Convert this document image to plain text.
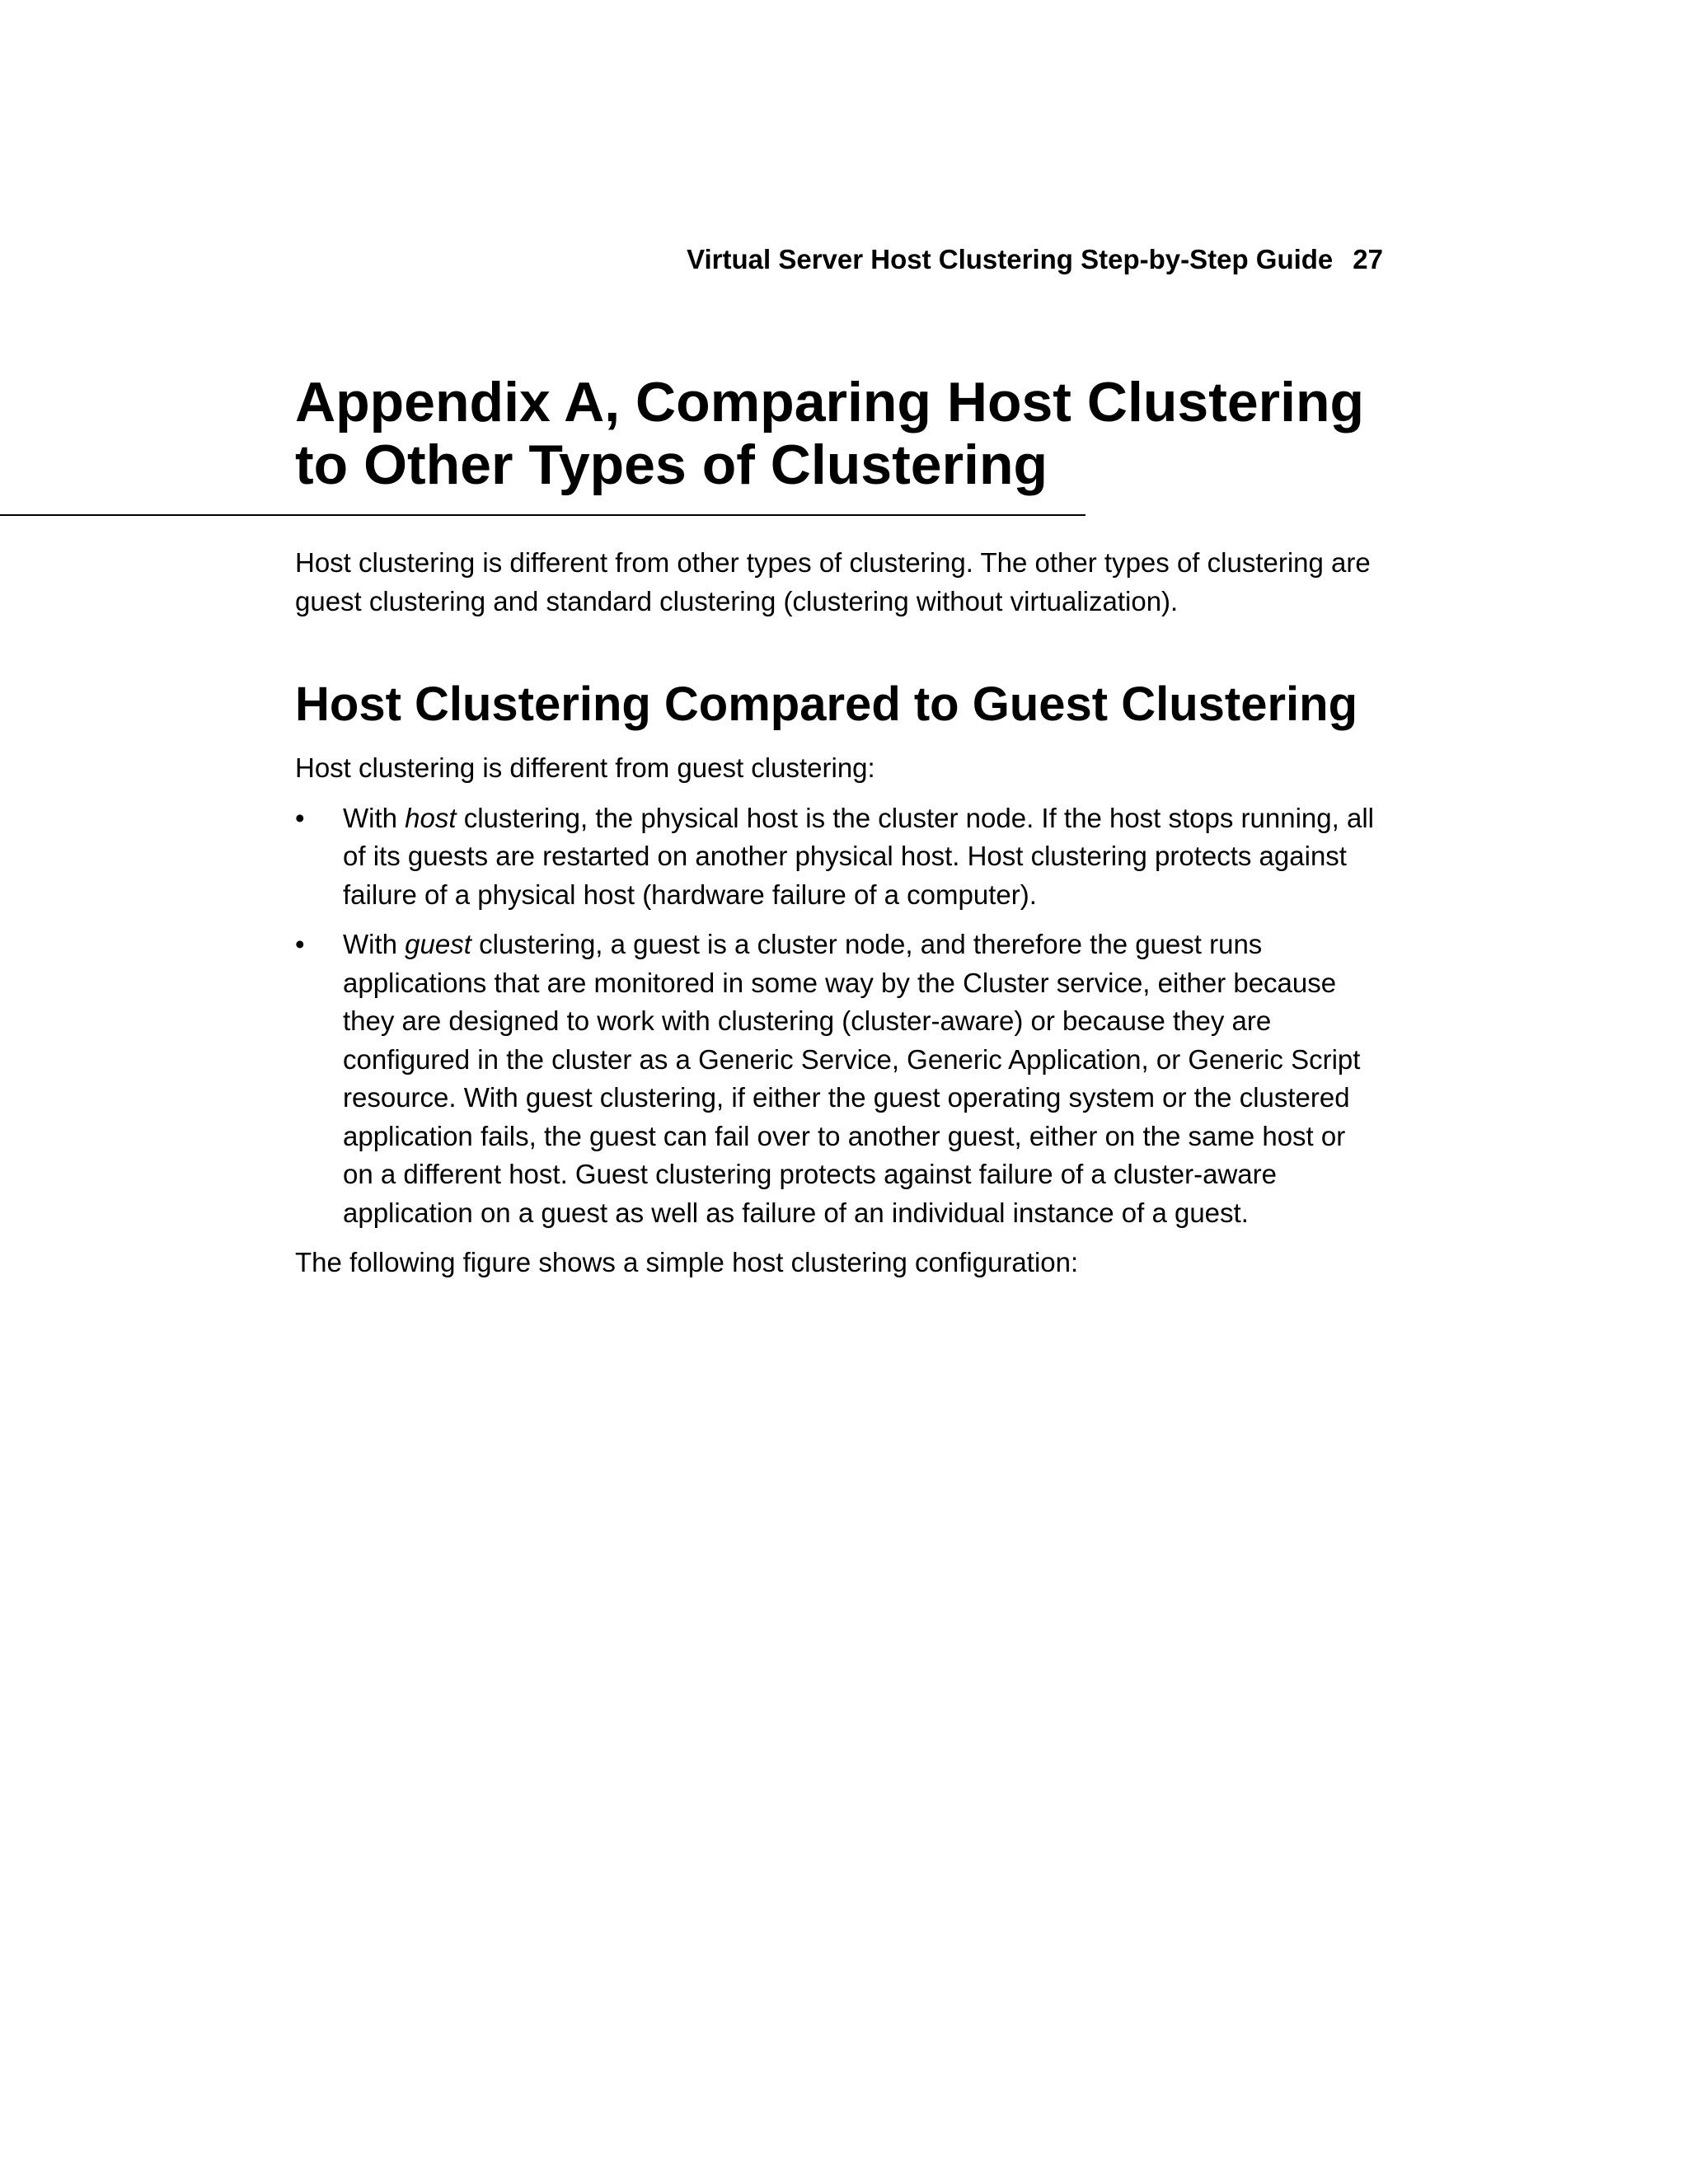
Virtual Server Host Clustering Step-by-Step Guide 27
Appendix A, Comparing Host Clustering to Other Types of Clustering

Host clustering is different from other types of clustering. The other types of clustering are guest clustering and standard clustering (clustering without virtualization).

Host Clustering Compared to Guest Clustering

Host clustering is different from guest clustering:

• With host clustering, the physical host is the cluster node. If the host stops running, all of its guests are restarted on another physical host. Host clustering protects against failure of a physical host (hardware failure of a computer).
• With guest clustering, a guest is a cluster node, and therefore the guest runs applications that are monitored in some way by the Cluster service, either because they are designed to work with clustering (cluster-aware) or because they are configured in the cluster as a Generic Service, Generic Application, or Generic Script resource. With guest clustering, if either the guest operating system or the clustered application fails, the guest can fail over to another guest, either on the same host or on a different host. Guest clustering protects against failure of a cluster-aware application on a guest as well as failure of an individual instance of a guest.

The following figure shows a simple host clustering configuration:
